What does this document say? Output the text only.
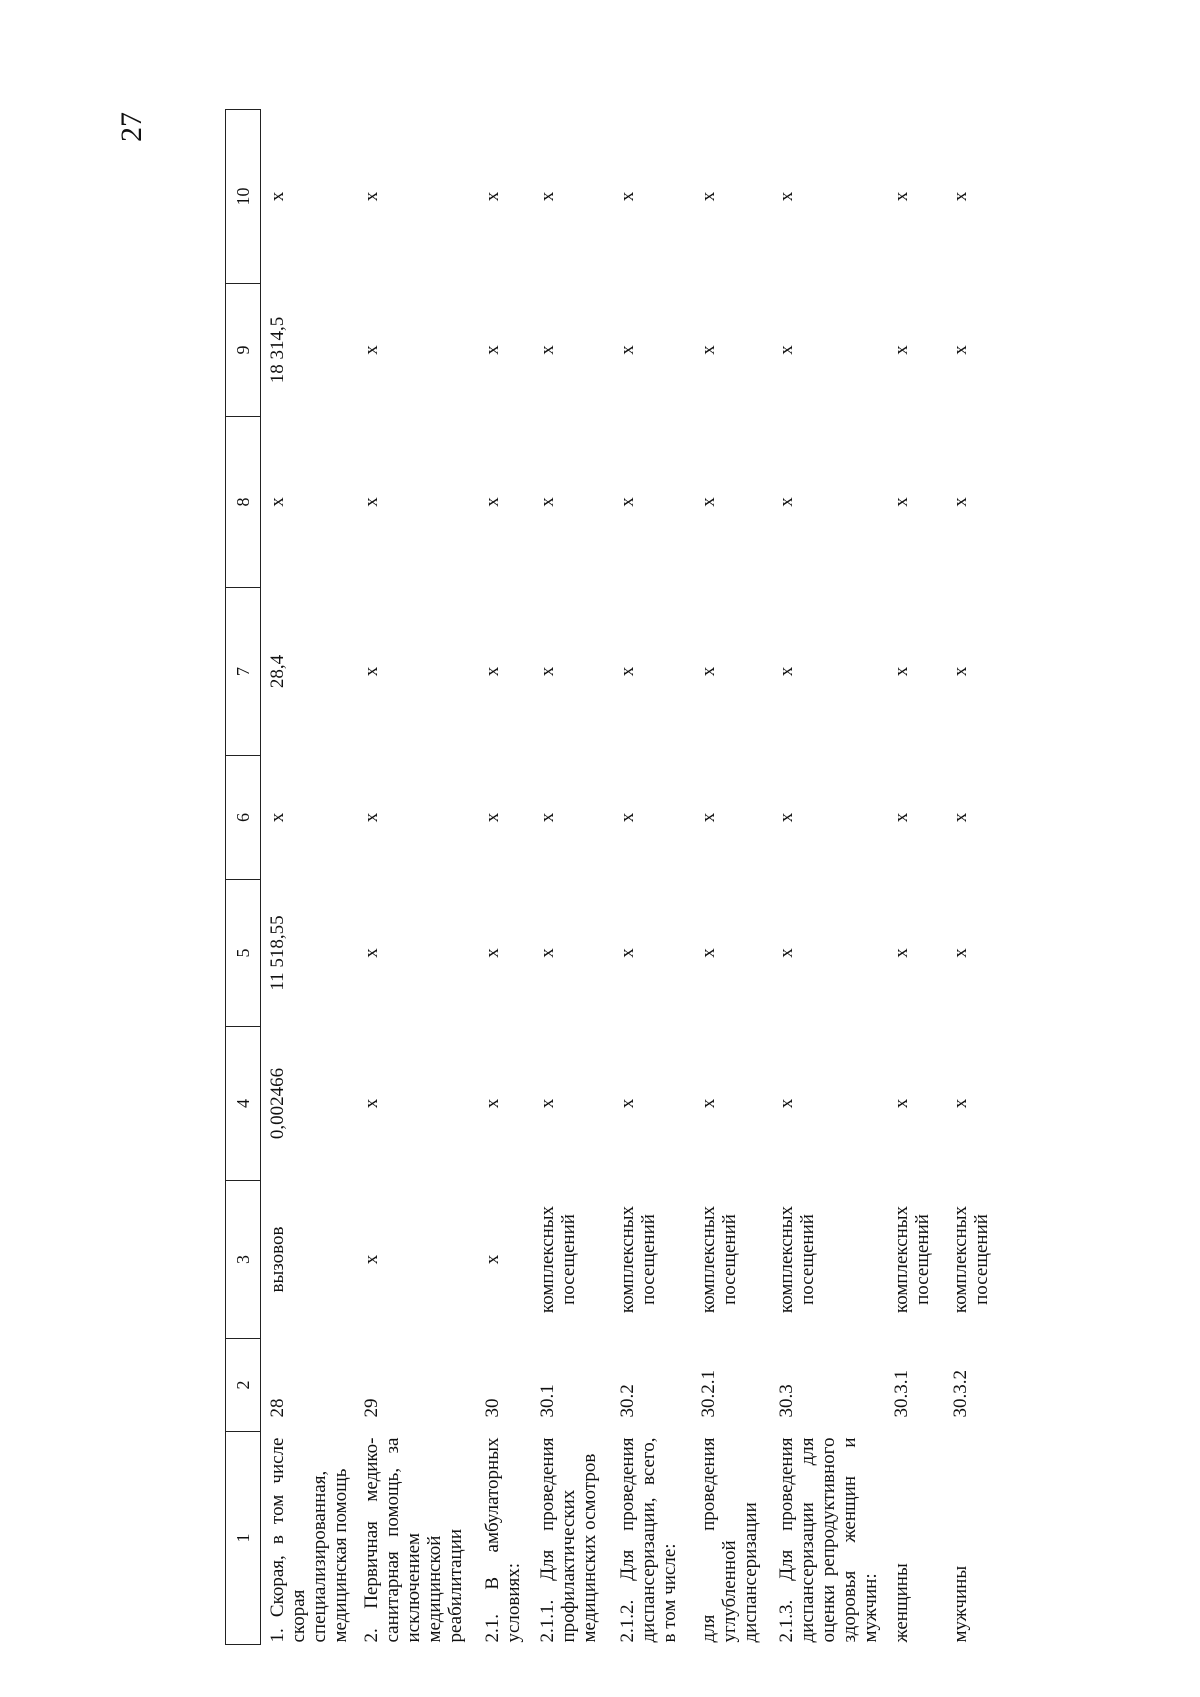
27
1	2	3	4	5	6	7	8	9	10
1. Скорая, в том числе скорая специализированная, медицинская помощь	28	вызовов	0,002466	11 518,55	х	28,4	х	18 314,5	х
2. Первичная медико-санитарная помощь, за исключением медицинской реабилитации	29	х	х	х	х	х	х	х	х
2.1. В амбулаторных условиях:	30	х	х	х	х	х	х	х	х
2.1.1. Для проведения профилактических медицинских осмотров	30.1	комплексных посещений	х	х	х	х	х	х	х
2.1.2. Для проведения диспансеризации, всего, в том числе:	30.2	комплексных посещений	х	х	х	х	х	х	х
для проведения углубленной диспансеризации	30.2.1	комплексных посещений	х	х	х	х	х	х	х
2.1.3. Для проведения диспансеризации для оценки репродуктивного здоровья женщин и мужчин:	30.3	комплексных посещений	х	х	х	х	х	х	х
женщины	30.3.1	комплексных посещений	х	х	х	х	х	х	х
мужчины	30.3.2	комплексных посещений	х	х	х	х	х	х	х
